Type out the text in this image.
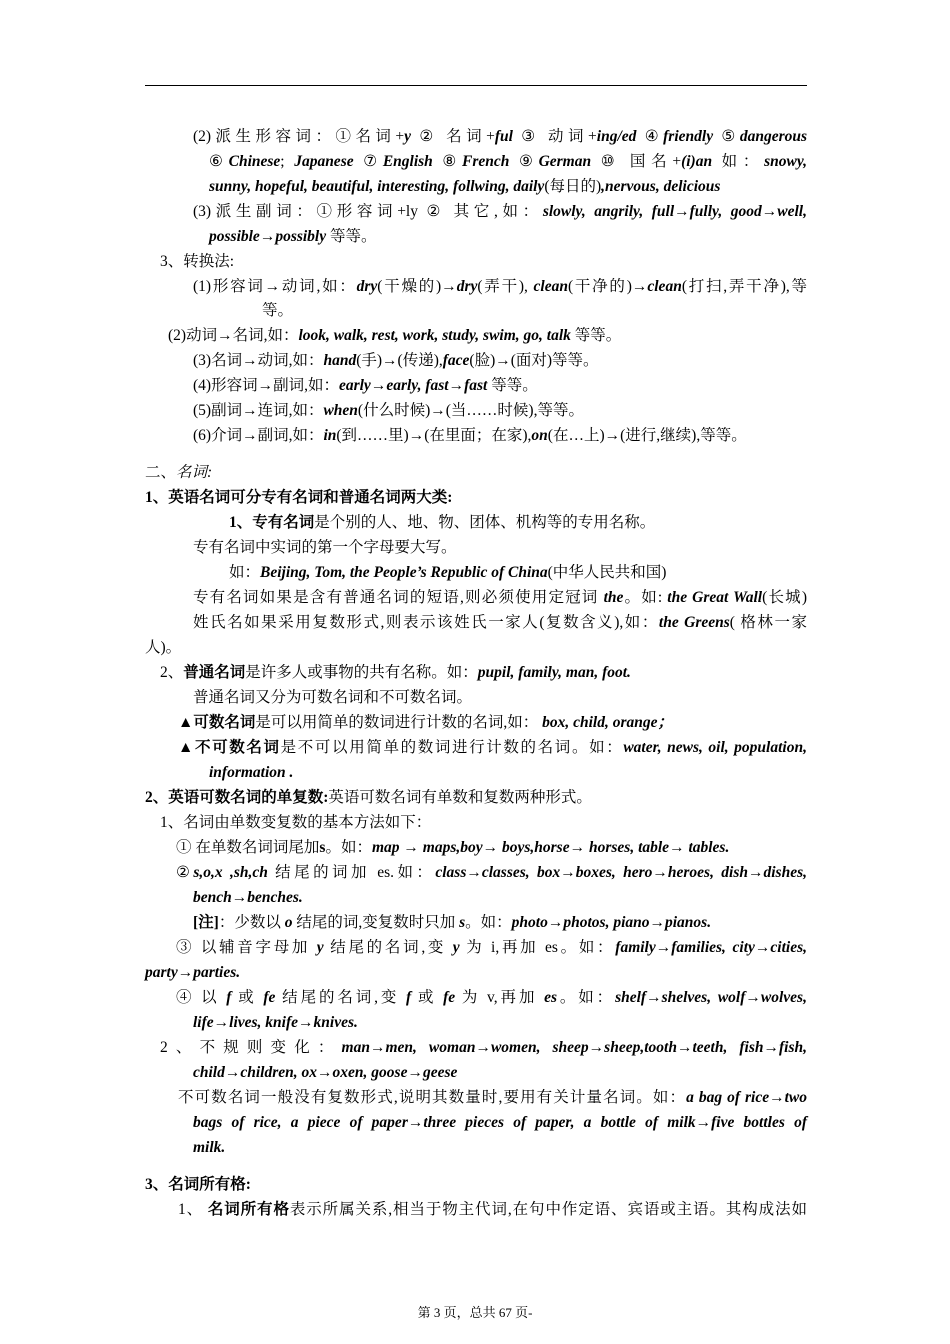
(2)派生形容词：①名词+y ② 名词+ful ③ 动词+ing/ed ④friendly ⑤dangerous
⑥Chinese; Japanese ⑦English ⑧French ⑨German ⑩ 国名+(i)an 如：snowy,
sunny, hopeful, beautiful, interesting, follwing, daily(每日的),nervous, delicious
(3)派生副词：①形容词+ly ② 其它,如：slowly, angrily, full→fully, good→well,
possible→possibly 等等。
3、转换法:
(1)形容词→动词,如：dry(干燥的)→dry(弄干), clean(干净的)→clean(打扫,弄干净),等
等。
(2)动词→名词,如：look, walk, rest, work, study, swim, go, talk 等等。
(3)名词→动词,如：hand(手)→(传递),face(脸)→(面对)等等。
(4)形容词→副词,如：early→early, fast→fast 等等。
(5)副词→连词,如：when(什么时候)→(当……时候),等等。
(6)介词→副词,如：in(到……里)→(在里面；在家),on(在…上)→(进行,继续),等等。
二、名词:
1、英语名词可分专有名词和普通名词两大类:
1、专有名词是个别的人、地、物、团体、机构等的专用名称。
专有名词中实词的第一个字母要大写。
如：Beijing, Tom, the People’s Republic of China(中华人民共和国)
专有名词如果是含有普通名词的短语,则必须使用定冠词 the。如: the Great Wall(长城)
姓氏名如果采用复数形式,则表示该姓氏一家人(复数含义),如：the Greens( 格林一家
人)。
2、普通名词是许多人或事物的共有名称。如：pupil, family, man, foot.
普通名词又分为可数名词和不可数名词。
▲可数名词是可以用简单的数词进行计数的名词,如： box, child, orange；
▲不可数名词是不可以用简单的数词进行计数的名词。如：water, news, oil, population,
information .
2、英语可数名词的单复数:英语可数名词有单数和复数两种形式。
1、名词由单数变复数的基本方法如下：
① 在单数名词词尾加s。如：map → maps,boy→ boys,horse→ horses, table→ tables.
②s,o,x ,sh,ch 结尾的词加 es.如：class→classes, box→boxes, hero→heroes, dish→dishes,
bench→benches.
[注]：少数以 o 结尾的词,变复数时只加 s。如：photo→photos, piano→pianos.
③ 以辅音字母加 y 结尾的名词,变 y 为 i,再加 es。如：family→families, city→cities,
party→parties.
④ 以 f 或 fe 结尾的名词,变 f 或 fe 为 v,再加 es。如：shelf→shelves, wolf→wolves,
life→lives, knife→knives.
2、不规则变化：man→men, woman→women, sheep→sheep,tooth→teeth, fish→fish,
child→children, ox→oxen, goose→geese
不可数名词一般没有复数形式,说明其数量时,要用有关计量名词。如：a bag of rice→two
bags of rice, a piece of paper→three pieces of paper, a bottle of milk→five bottles of
milk.
3、名词所有格:
1、 名词所有格表示所属关系,相当于物主代词,在句中作定语、宾语或主语。其构成法如
第 3 页，总共 67 页-
